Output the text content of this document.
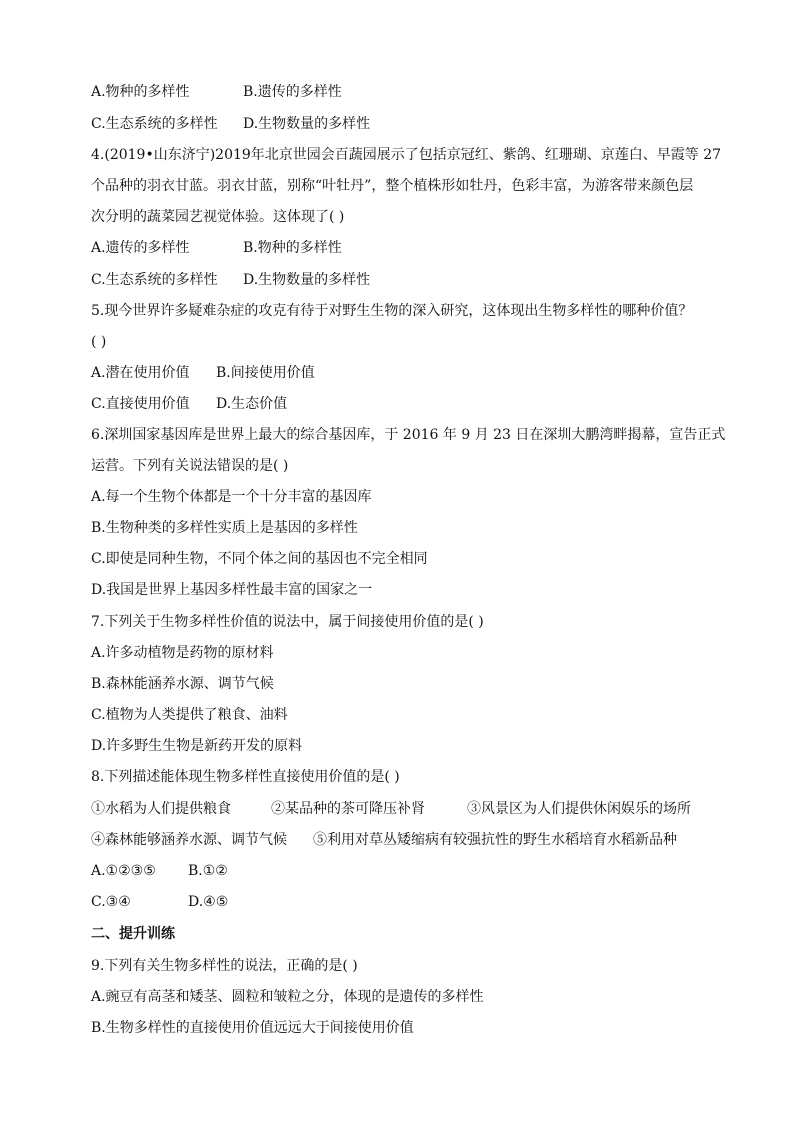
A.物种的多样性	B.遗传的多样性
C.生态系统的多样性 D.生物数量的多样性
4.(2019•山东济宁)2019年北京世园会百蔬园展示了包括京冠红、紫鸽、红珊瑚、京莲白、早霞等 27
个品种的羽衣甘蓝。羽衣甘蓝，别称“叶牡丹”，整个植株形如牡丹，色彩丰富，为游客带来颜色层
次分明的蔬菜园艺视觉体验。这体现了( )
A.遗传的多样性	B.物种的多样性
C.生态系统的多样性 D.生物数量的多样性
5.现今世界许多疑难杂症的攻克有待于对野生生物的深入研究，这体现出生物多样性的哪种价值？
( )
A.潜在使用价值 B.间接使用价值
C.直接使用价值 D.生态价值
6.深圳国家基因库是世界上最大的综合基因库，于 2016 年 9 月 23 日在深圳大鹏湾畔揭幕，宣告正式
运营。下列有关说法错误的是( )
A.每一个生物个体都是一个十分丰富的基因库
B.生物种类的多样性实质上是基因的多样性
C.即使是同种生物，不同个体之间的基因也不完全相同
D.我国是世界上基因多样性最丰富的国家之一
7.下列关于生物多样性价值的说法中，属于间接使用价值的是( )
A.许多动植物是药物的原材料
B.森林能涵养水源、调节气候
C.植物为人类提供了粮食、油料
D.许多野生生物是新药开发的原料
8.下列描述能体现生物多样性直接使用价值的是( )
①水稻为人们提供粮食	②某品种的茶可降压补肾	③风景区为人们提供休闲娱乐的场所
④森林能够涵养水源、调节气候 ⑤利用对草丛矮缩病有较强抗性的野生水稻培育水稻新品种
A.①②③⑤ B.①②
C.③④	D.④⑤
二、提升训练
9.下列有关生物多样性的说法，正确的是( )
A.豌豆有高茎和矮茎、圆粒和皱粒之分，体现的是遗传的多样性
B.生物多样性的直接使用价值远远大于间接使用价值
